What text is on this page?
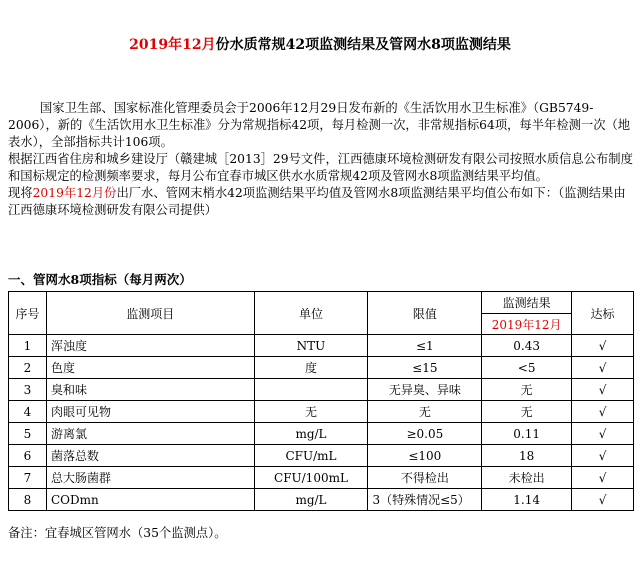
2019年12月份水质常规42项监测结果及管网水8项监测结果

国家卫生部、国家标准化管理委员会于2006年12月29日发布新的《生活饮用水卫生标准》（GB5749-2006），新的《生活饮用水卫生标准》分为常规指标42项，每月检测一次，非常规指标64项，每半年检测一次（地表水），全部指标共计106项。

根据江西省住房和城乡建设厅（赣建城［2013］29号文件，江西德康环境检测研发有限公司按照水质信息公布制度和国标规定的检测频率要求，每月公布宜春市城区供水水质常规42项及管网水8项监测结果平均值。

现将2019年12月份出厂水、管网末梢水42项监测结果平均值及管网水8项监测结果平均值公布如下：（监测结果由江西德康环境检测研发有限公司提供）

一、管网水8项指标（每月两次）
序号	监测项目	单位	限值	监测结果	达标
				2019年12月	
1	浑浊度	NTU	≤1	0.43	√
2	色度	度	≤15	<5	√
3	臭和味		无异臭、异味	无	√
4	肉眼可见物	无	无	无	√
5	游离氯	mg/L	≥0.05	0.11	√
6	菌落总数	CFU/mL	≤100	18	√
7	总大肠菌群	CFU/100mL	不得检出	未检出	√
8	CODmn	mg/L	3（特殊情况≤5）	1.14	√
备注：宜春城区管网水（35个监测点）。
